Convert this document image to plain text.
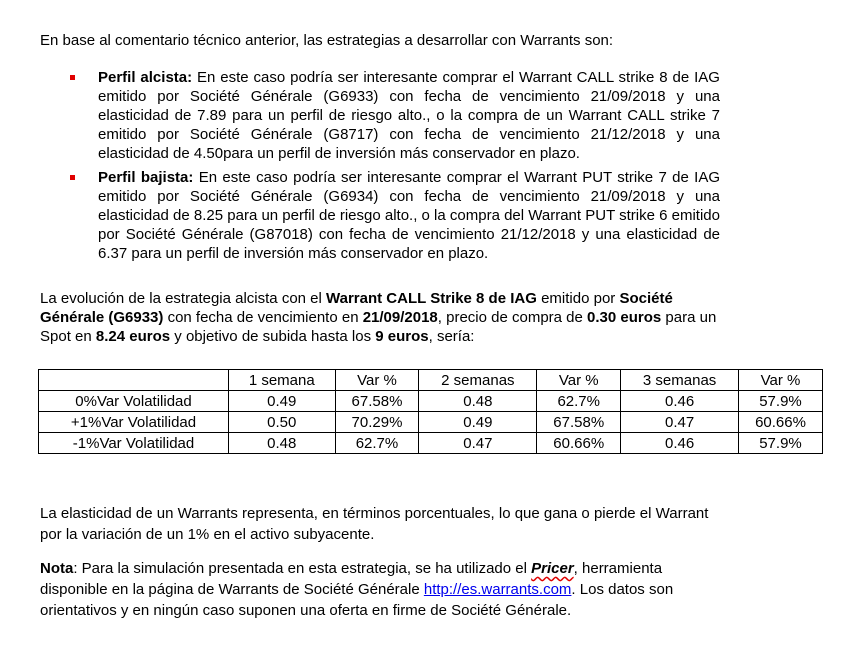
En base al comentario técnico anterior, las estrategias a desarrollar con Warrants son:

Perfil alcista: En este caso podría ser interesante comprar el Warrant CALL strike 8 de IAG emitido por Société Générale (G6933) con fecha de vencimiento 21/09/2018 y una elasticidad de 7.89 para un perfil de riesgo alto., o la compra de un Warrant CALL strike 7 emitido por Société Générale (G8717) con fecha de vencimiento 21/12/2018 y una elasticidad de 4.50para un perfil de inversión más conservador en plazo.
Perfil bajista: En este caso podría ser interesante comprar el Warrant PUT strike 7 de IAG emitido por Société Générale (G6934) con fecha de vencimiento 21/09/2018 y una elasticidad de 8.25 para un perfil de riesgo alto., o la compra del Warrant PUT strike 6 emitido por Société Générale (G87018) con fecha de vencimiento 21/12/2018 y una elasticidad de 6.37 para un perfil de inversión más conservador en plazo.

La evolución de la estrategia alcista con el Warrant CALL Strike 8 de IAG emitido por Société Générale (G6933) con fecha de vencimiento en 21/09/2018, precio de compra de 0.30 euros para un Spot en 8.24 euros y objetivo de subida hasta los 9 euros, sería:

	1 semana	Var %	2 semanas	Var %	3 semanas	Var %
0%Var Volatilidad	0.49	67.58%	0.48	62.7%	0.46	57.9%
+1%Var Volatilidad	0.50	70.29%	0.49	67.58%	0.47	60.66%
-1%Var Volatilidad	0.48	62.7%	0.47	60.66%	0.46	57.9%

La elasticidad de un Warrants representa, en términos porcentuales, lo que gana o pierde el Warrant por la variación de un 1% en el activo subyacente.

Nota: Para la simulación presentada en esta estrategia, se ha utilizado el Pricer, herramienta disponible en la página de Warrants de Société Générale http://es.warrants.com. Los datos son orientativos y en ningún caso suponen una oferta en firme de Société Générale.
